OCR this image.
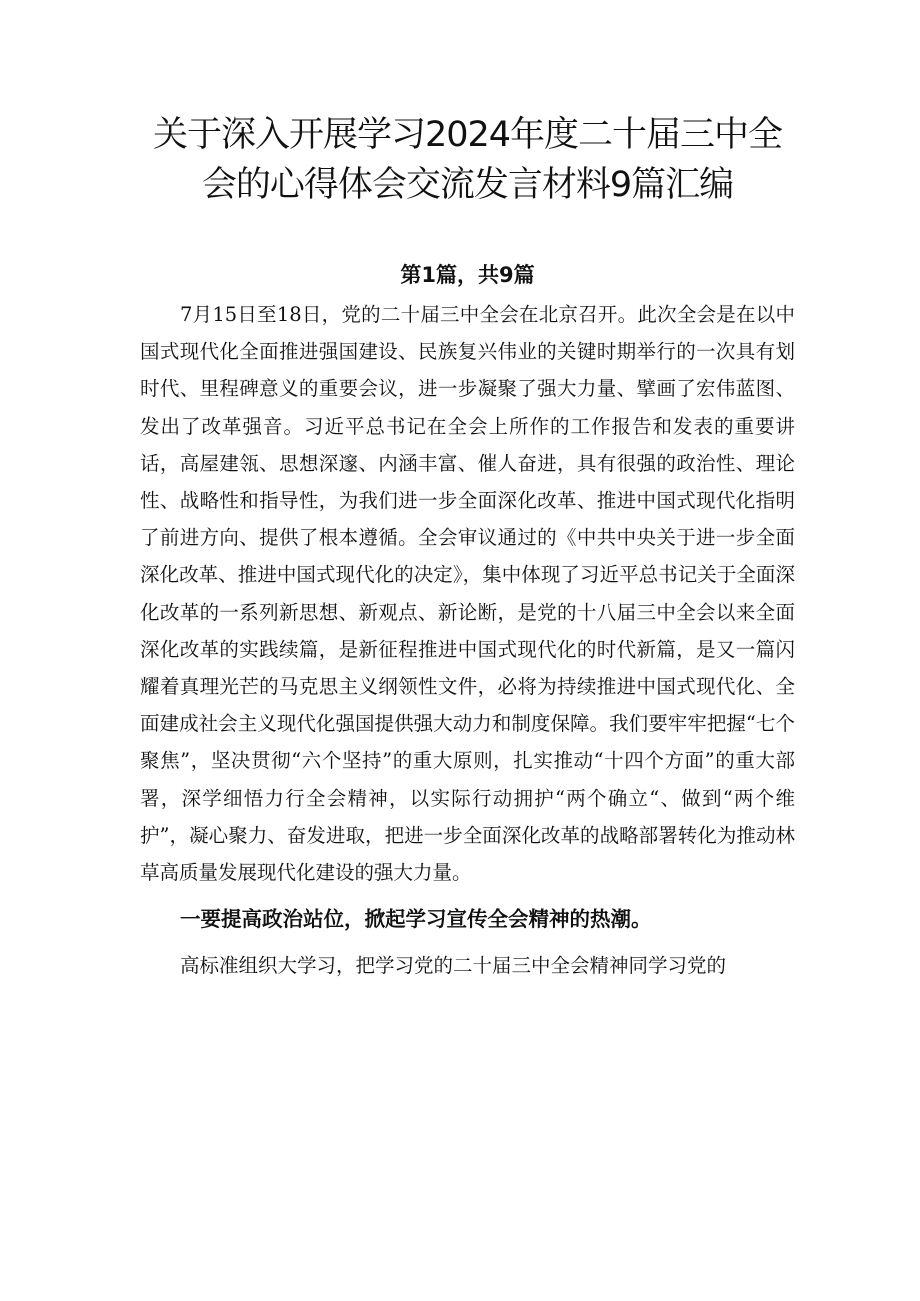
关于深入开展学习2024年度二十届三中全
会的心得体会交流发言材料9篇汇编
第1篇，共9篇

7月15日至18日，党的二十届三中全会在北京召开。此次全会是在以中国式现代化全面推进强国建设、民族复兴伟业的关键时期举行的一次具有划时代、里程碑意义的重要会议，进一步凝聚了强大力量、擘画了宏伟蓝图、发出了改革强音。习近平总书记在全会上所作的工作报告和发表的重要讲话，高屋建瓴、思想深邃、内涵丰富、催人奋进，具有很强的政治性、理论性、战略性和指导性，为我们进一步全面深化改革、推进中国式现代化指明了前进方向、提供了根本遵循。全会审议通过的《中共中央关于进一步全面深化改革、推进中国式现代化的决定》，集中体现了习近平总书记关于全面深化改革的一系列新思想、新观点、新论断，是党的十八届三中全会以来全面深化改革的实践续篇，是新征程推进中国式现代化的时代新篇，是又一篇闪耀着真理光芒的马克思主义纲领性文件，必将为持续推进中国式现代化、全面建成社会主义现代化强国提供强大动力和制度保障。我们要牢牢把握“七个聚焦”，坚决贯彻“六个坚持”的重大原则，扎实推动“十四个方面”的重大部署，深学细悟力行全会精神，以实际行动拥护“两个确立“、做到“两个维护”，凝心聚力、奋发进取，把进一步全面深化改革的战略部署转化为推动林草高质量发展现代化建设的强大力量。

一要提高政治站位，掀起学习宣传全会精神的热潮。

高标准组织大学习，把学习党的二十届三中全会精神同学习党的
